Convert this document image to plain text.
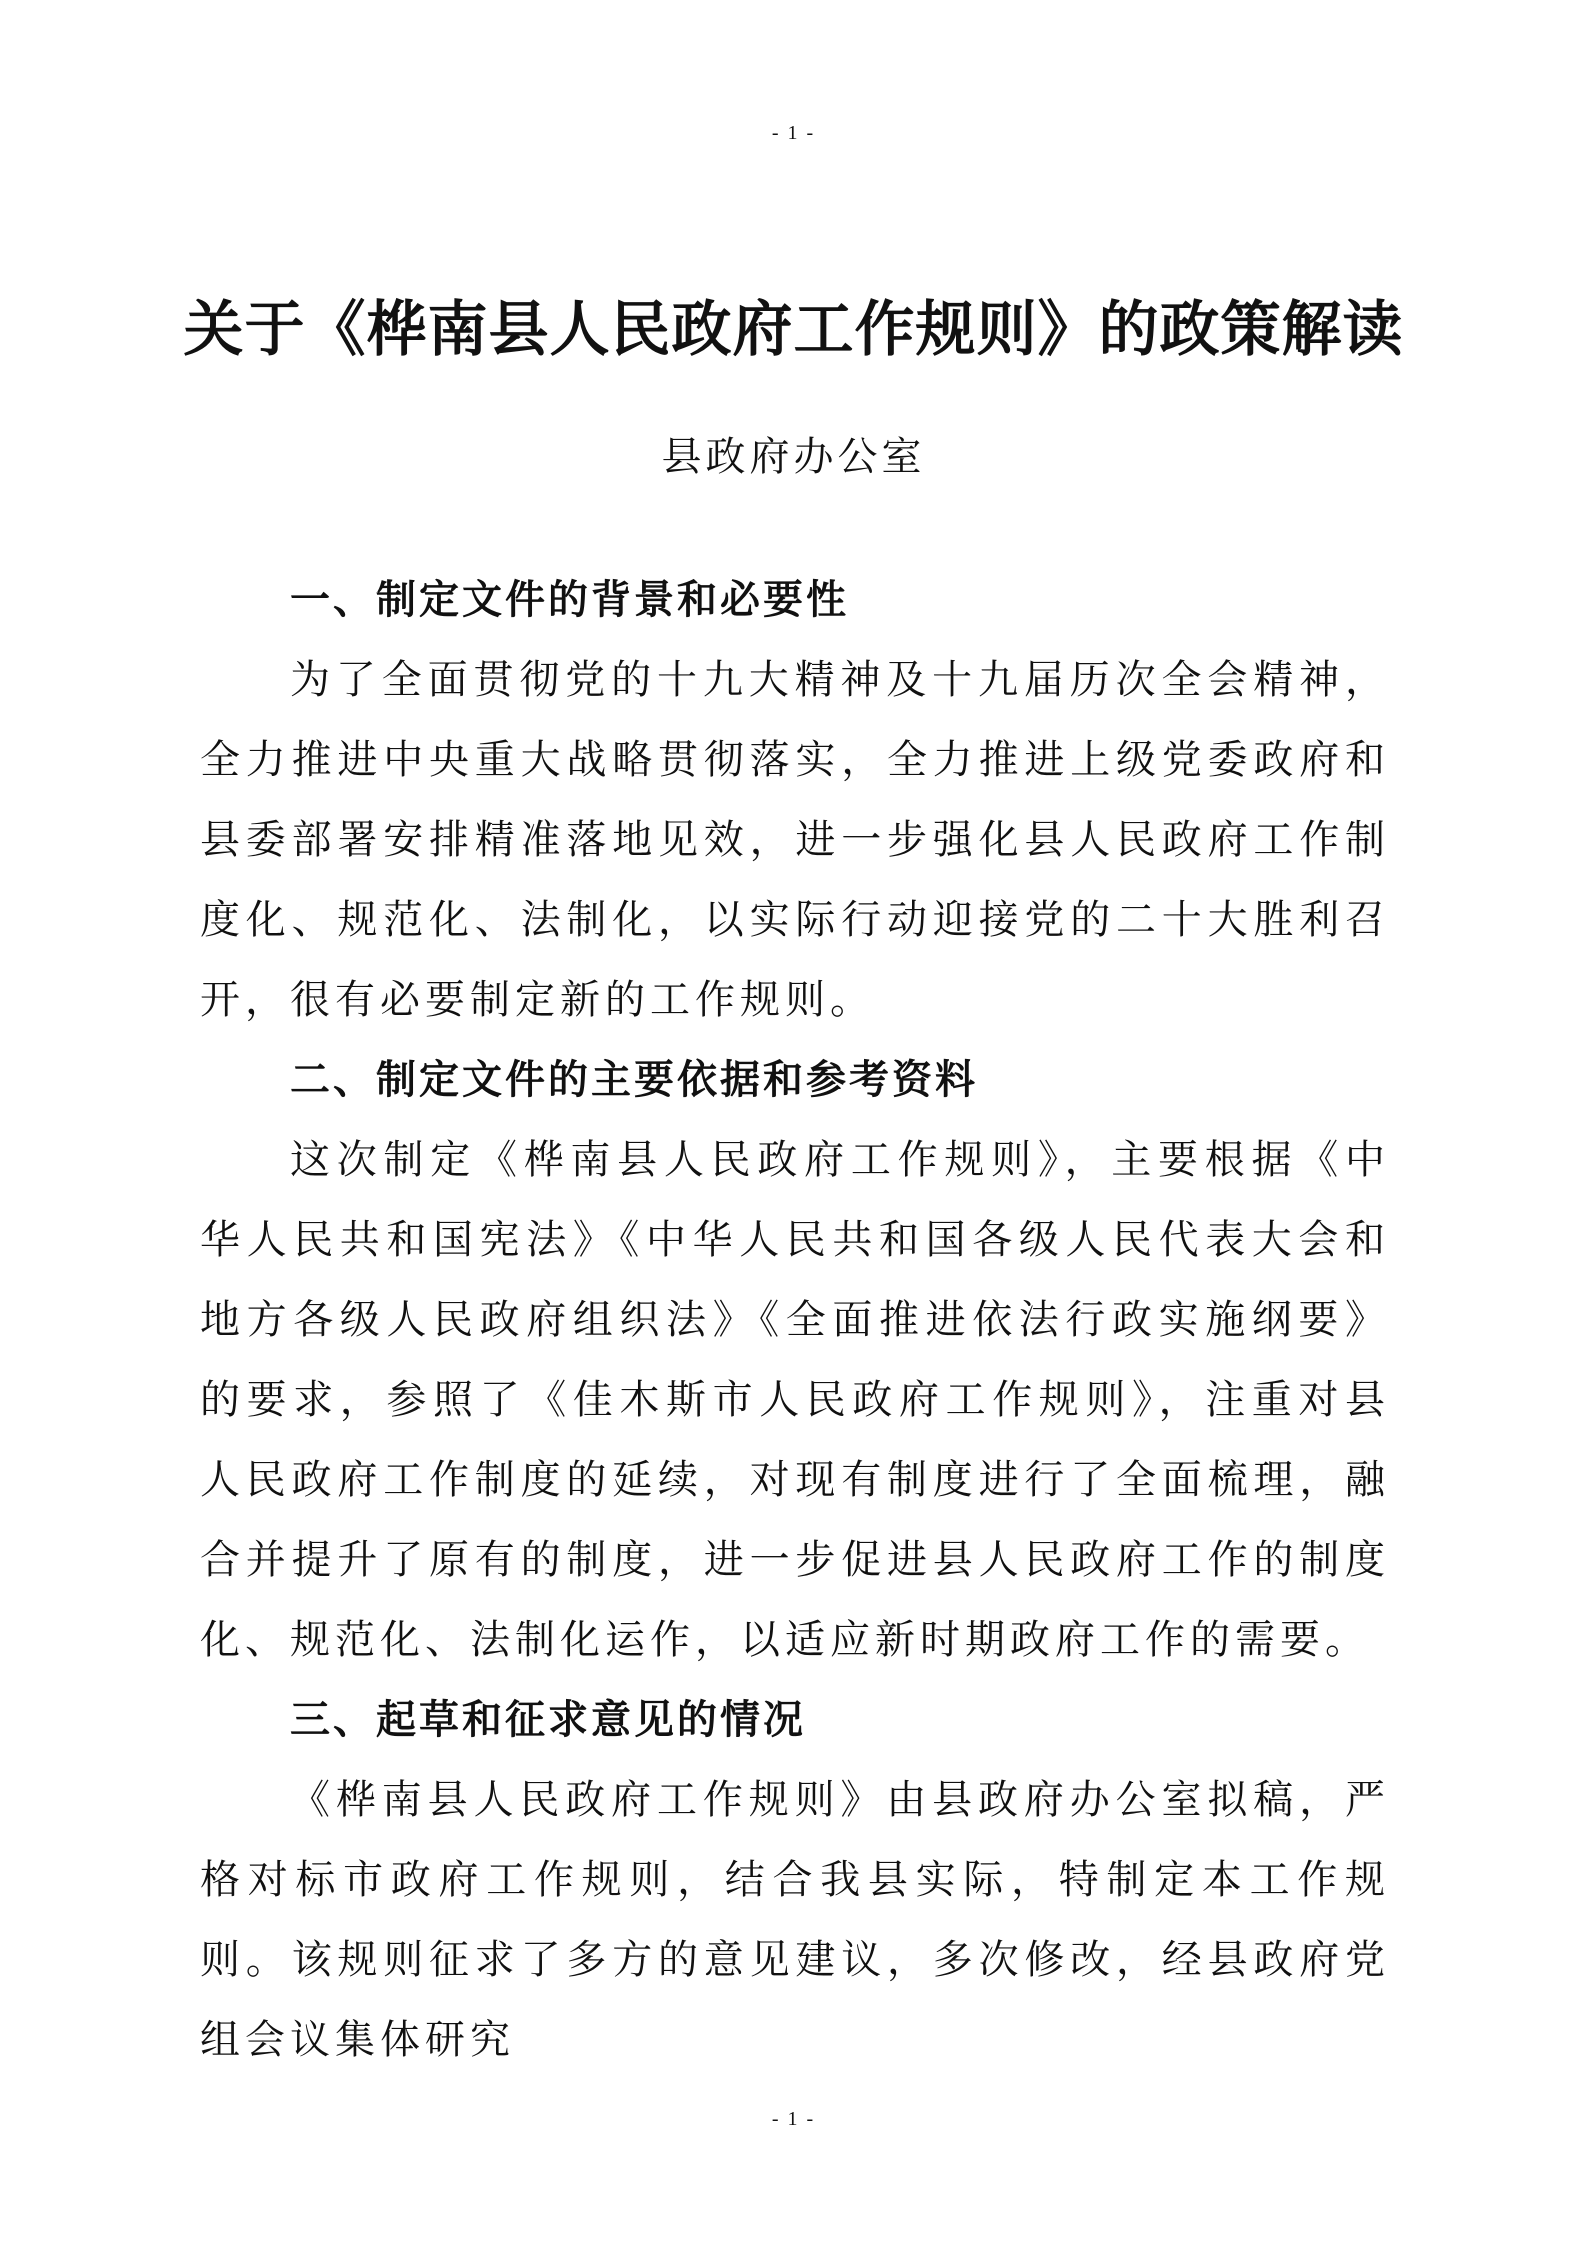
- 1 -
关于《桦南县人民政府工作规则》的政策解读
县政府办公室
一、制定文件的背景和必要性

为了全面贯彻党的十九大精神及十九届历次全会精神，全力推进中央重大战略贯彻落实，全力推进上级党委政府和县委部署安排精准落地见效，进一步强化县人民政府工作制度化、规范化、法制化，以实际行动迎接党的二十大胜利召开，很有必要制定新的工作规则。

二、制定文件的主要依据和参考资料

这次制定《桦南县人民政府工作规则》，主要根据《中华人民共和国宪法》《中华人民共和国各级人民代表大会和地方各级人民政府组织法》《全面推进依法行政实施纲要》的要求，参照了《佳木斯市人民政府工作规则》，注重对县人民政府工作制度的延续，对现有制度进行了全面梳理，融合并提升了原有的制度，进一步促进县人民政府工作的制度化、规范化、法制化运作，以适应新时期政府工作的需要。

三、起草和征求意见的情况

《桦南县人民政府工作规则》由县政府办公室拟稿，严格对标市政府工作规则，结合我县实际，特制定本工作规则。该规则征求了多方的意见建议，多次修改，经县政府党组会议集体研究

- 1 -
